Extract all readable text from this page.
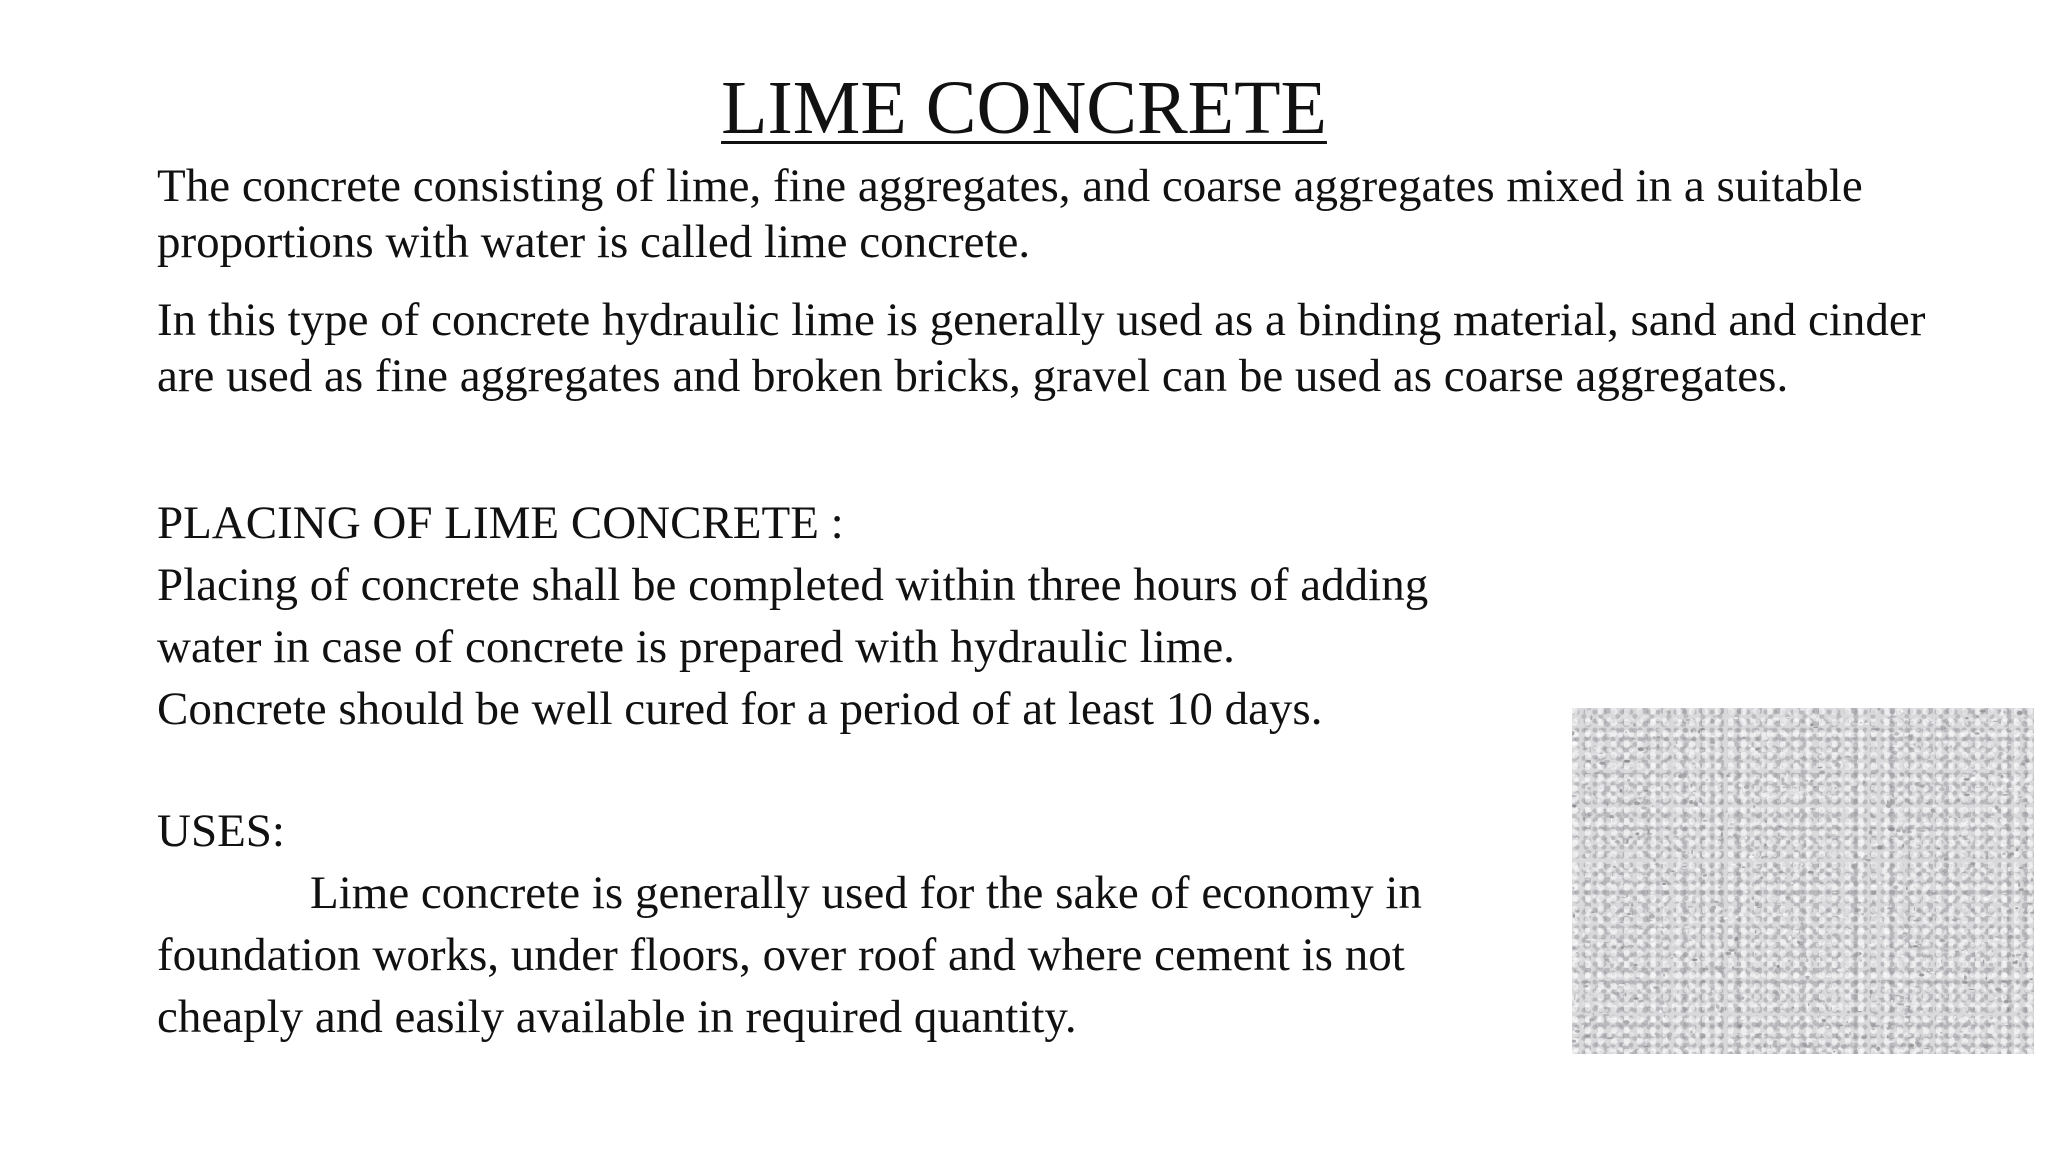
LIME CONCRETE

The concrete consisting of lime, fine aggregates, and coarse aggregates mixed in a suitable proportions with water is called lime concrete.

In this type of concrete hydraulic lime is generally used as a binding material, sand and cinder are used as fine aggregates and broken bricks, gravel can be used as coarse aggregates.

PLACING OF LIME CONCRETE :

Placing of concrete shall be completed within three hours of adding

water in case of concrete is prepared with hydraulic lime.

Concrete should be well cured for a period of at least 10 days.

USES:

Lime concrete is generally used for the sake of economy in

foundation works, under floors, over roof and where cement is not

cheaply and easily available in required quantity.
